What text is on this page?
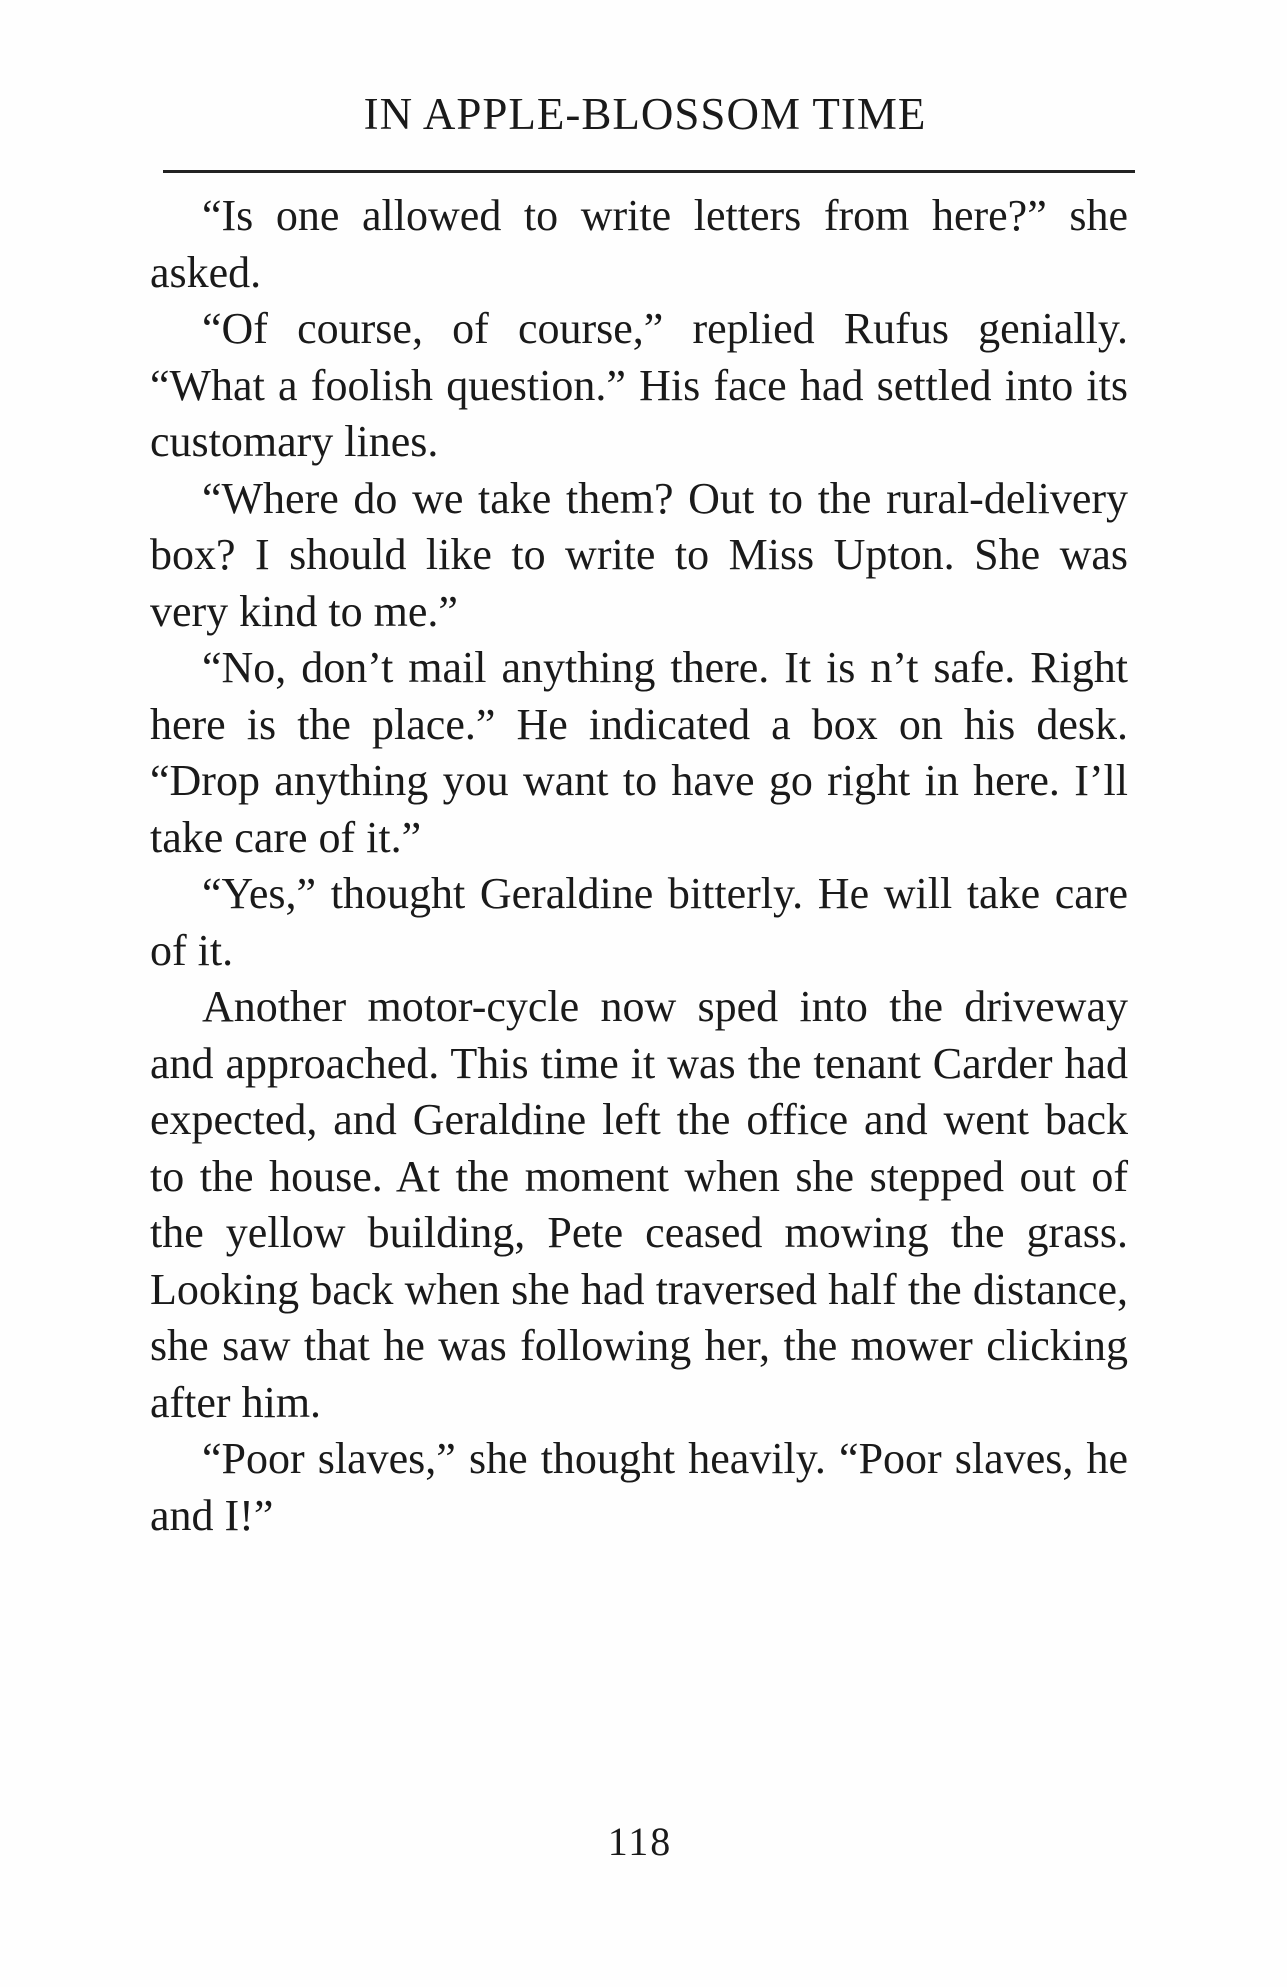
IN APPLE-BLOSSOM TIME

“Is one allowed to write letters from here?” she asked.

“Of course, of course,” replied Rufus genially. “What a foolish question.” His face had settled into its customary lines.

“Where do we take them? Out to the rural-delivery box? I should like to write to Miss Upton. She was very kind to me.”

“No, don’t mail anything there. It is n’t safe. Right here is the place.” He indicated a box on his desk. “Drop anything you want to have go right in here. I’ll take care of it.”

“Yes,” thought Geraldine bitterly. He will take care of it.

Another motor-cycle now sped into the driveway and approached. This time it was the tenant Carder had expected, and Geraldine left the office and went back to the house. At the moment when she stepped out of the yellow building, Pete ceased mowing the grass. Looking back when she had traversed half the distance, she saw that he was following her, the mower clicking after him.

“Poor slaves,” she thought heavily. “Poor slaves, he and I!”

118
